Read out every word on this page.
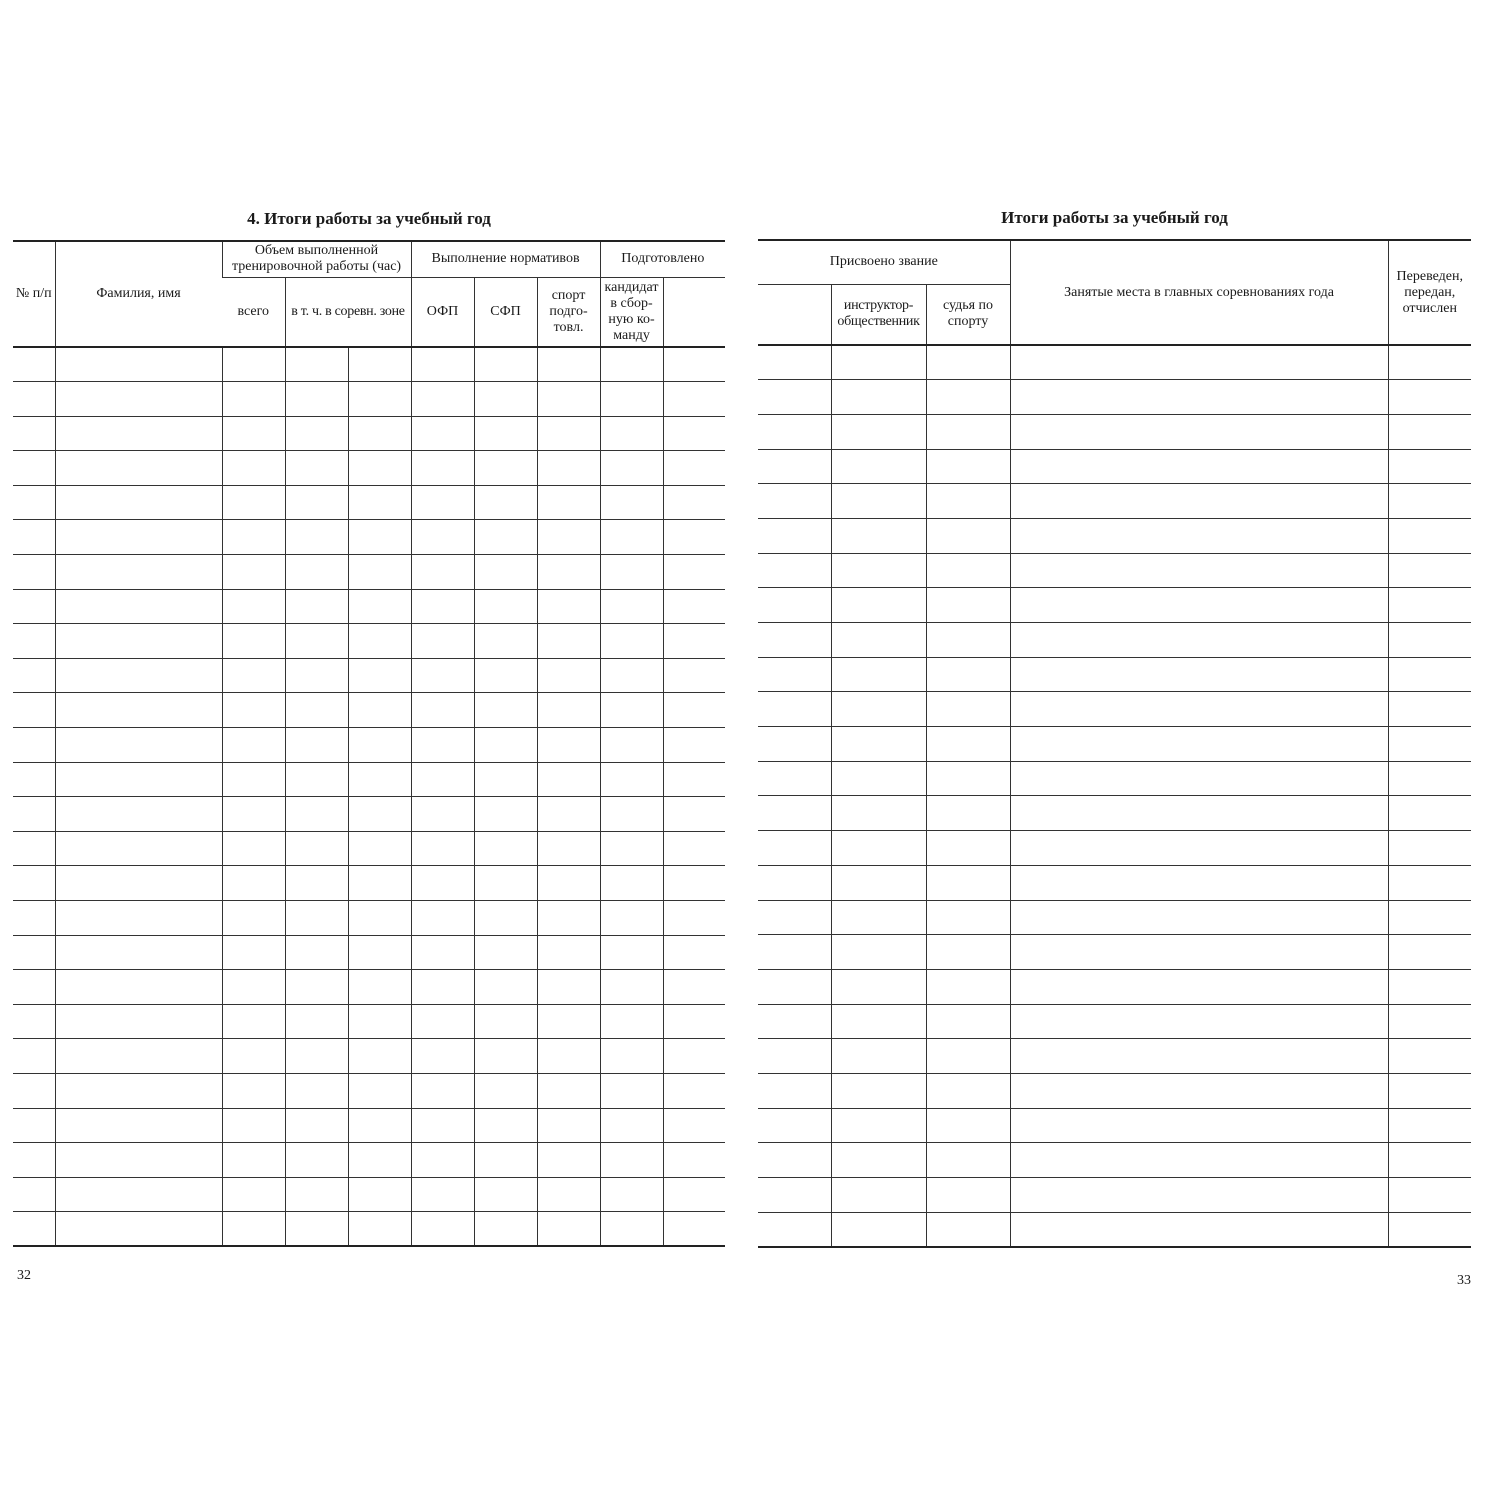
4. Итоги работы за учебный год
№ п/п	Фамилия, имя	Объем выполненной тренировочной работы (час)			Выполнение нормативов			Подготовлено	
		всего	в т. ч. в соревн. зоне		ОФП	СФП	спорт подго-товл.	кандидат в сбор-ную ко-манду	

32
Итоги работы за учебный год
Присвоено звание			Занятые места в главных соревнованиях года	Переведен, передан, отчислен
	инструктор-общественник	судья по спорту		

33
